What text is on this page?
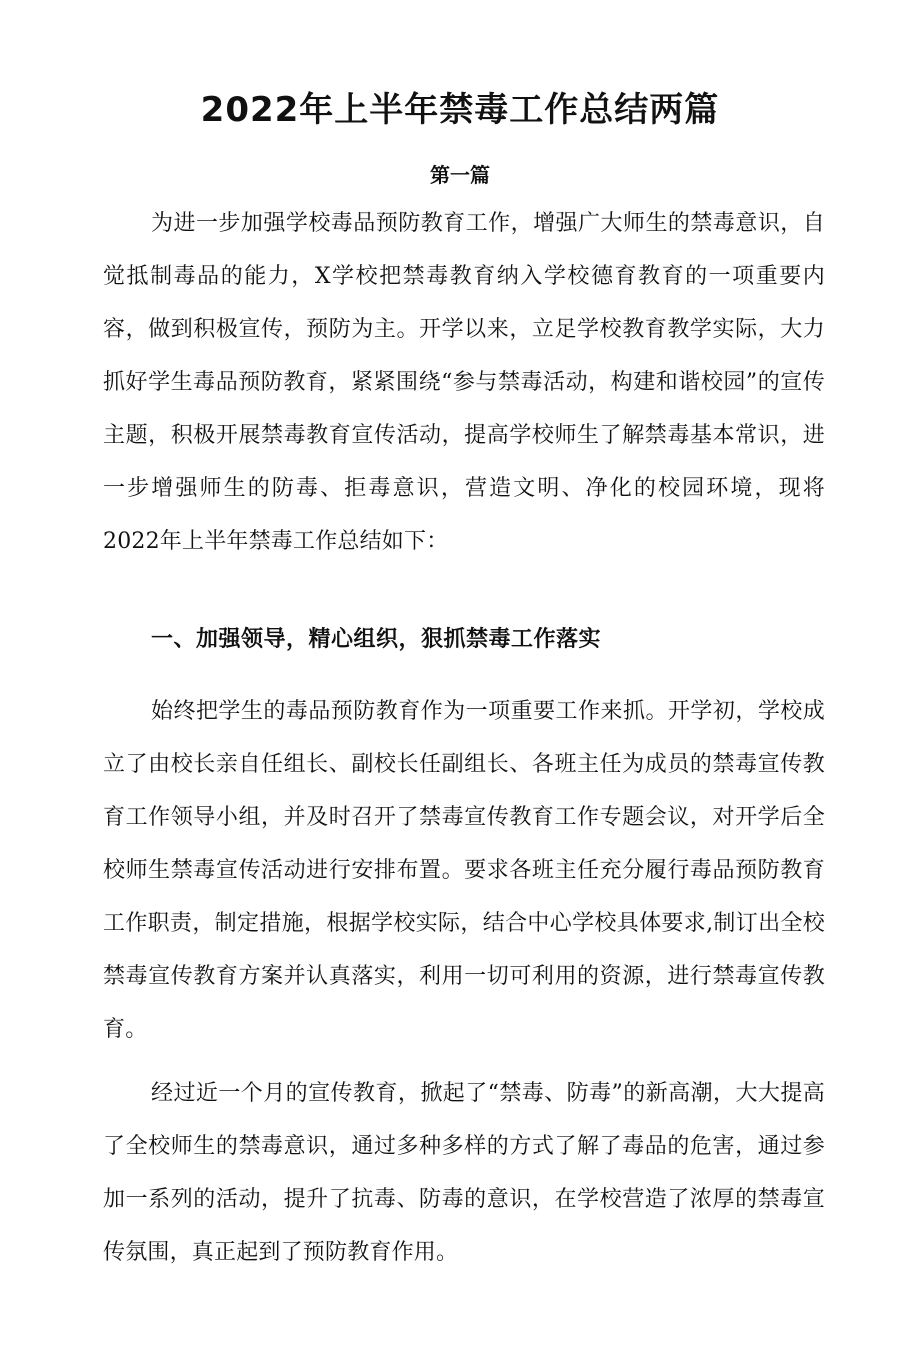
2022年上半年禁毒工作总结两篇
第一篇

为进一步加强学校毒品预防教育工作，增强广大师生的禁毒意识，自觉抵制毒品的能力，X学校把禁毒教育纳入学校德育教育的一项重要内容，做到积极宣传，预防为主。开学以来，立足学校教育教学实际，大力抓好学生毒品预防教育，紧紧围绕“参与禁毒活动，构建和谐校园”的宣传主题，积极开展禁毒教育宣传活动，提高学校师生了解禁毒基本常识，进一步增强师生的防毒、拒毒意识，营造文明、净化的校园环境，现将2022年上半年禁毒工作总结如下：

一、加强领导，精心组织，狠抓禁毒工作落实

始终把学生的毒品预防教育作为一项重要工作来抓。开学初，学校成立了由校长亲自任组长、副校长任副组长、各班主任为成员的禁毒宣传教育工作领导小组，并及时召开了禁毒宣传教育工作专题会议，对开学后全校师生禁毒宣传活动进行安排布置。要求各班主任充分履行毒品预防教育工作职责，制定措施，根据学校实际，结合中心学校具体要求,制订出全校禁毒宣传教育方案并认真落实，利用一切可利用的资源，进行禁毒宣传教育。

经过近一个月的宣传教育，掀起了“禁毒、防毒”的新高潮，大大提高了全校师生的禁毒意识，通过多种多样的方式了解了毒品的危害，通过参加一系列的活动，提升了抗毒、防毒的意识，在学校营造了浓厚的禁毒宣传氛围，真正起到了预防教育作用。
